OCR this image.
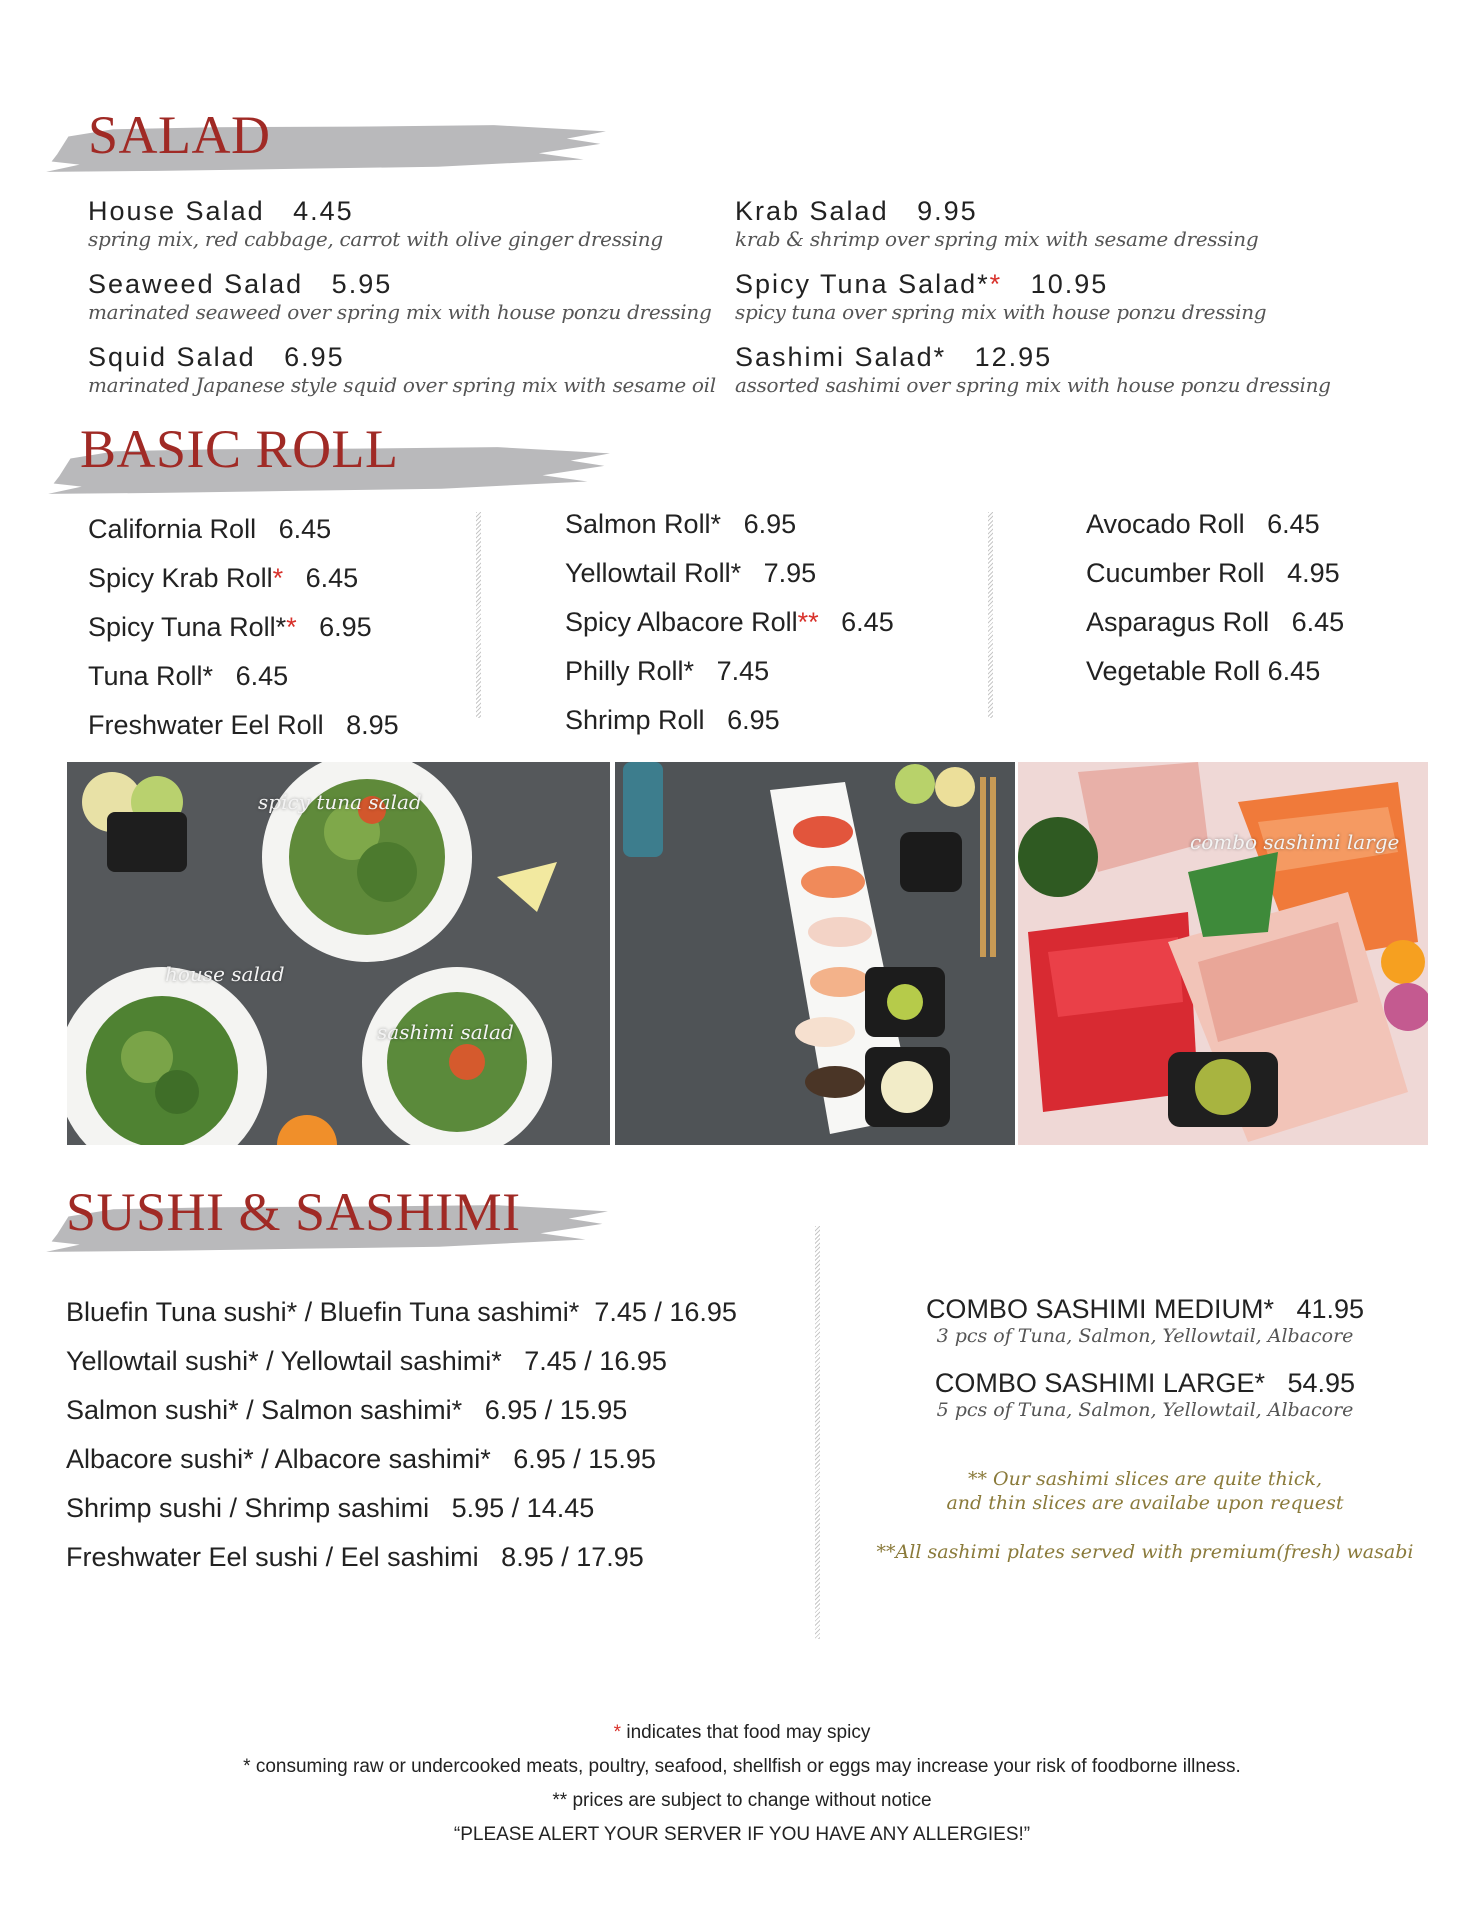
SALAD
House Salad 4.45
spring mix, red cabbage, carrot with olive ginger dressing
Seaweed Salad 5.95
marinated seaweed over spring mix with house ponzu dressing
Squid Salad 6.95
marinated Japanese style squid over spring mix with sesame oil
Krab Salad 9.95
krab & shrimp over spring mix with sesame dressing
Spicy Tuna Salad** 10.95
spicy tuna over spring mix with house ponzu dressing
Sashimi Salad* 12.95
assorted sashimi over spring mix with house ponzu dressing
BASIC ROLL
California Roll 6.45
Spicy Krab Roll* 6.45
Spicy Tuna Roll** 6.95
Tuna Roll* 6.45
Freshwater Eel Roll 8.95
Salmon Roll* 6.95
Yellowtail Roll* 7.95
Spicy Albacore Roll** 6.45
Philly Roll* 7.45
Shrimp Roll 6.95
Avocado Roll 6.45
Cucumber Roll 4.95
Asparagus Roll 6.45
Vegetable Roll 6.45
spicy tuna salad
house salad
sashimi salad
combo sashimi large
SUSHI & SASHIMI
Bluefin Tuna sushi* / Bluefin Tuna sashimi* 7.45 / 16.95
Yellowtail sushi* / Yellowtail sashimi* 7.45 / 16.95
Salmon sushi* / Salmon sashimi* 6.95 / 15.95
Albacore sushi* / Albacore sashimi* 6.95 / 15.95
Shrimp sushi / Shrimp sashimi 5.95 / 14.45
Freshwater Eel sushi / Eel sashimi 8.95 / 17.95
COMBO SASHIMI MEDIUM* 41.95
3 pcs of Tuna, Salmon, Yellowtail, Albacore
COMBO SASHIMI LARGE* 54.95
5 pcs of Tuna, Salmon, Yellowtail, Albacore
** Our sashimi slices are quite thick,
and thin slices are availabe upon request
**All sashimi plates served with premium(fresh) wasabi
* indicates that food may spicy
* consuming raw or undercooked meats, poultry, seafood, shellfish or eggs may increase your risk of foodborne illness.
** prices are subject to change without notice
“PLEASE ALERT YOUR SERVER IF YOU HAVE ANY ALLERGIES!”
